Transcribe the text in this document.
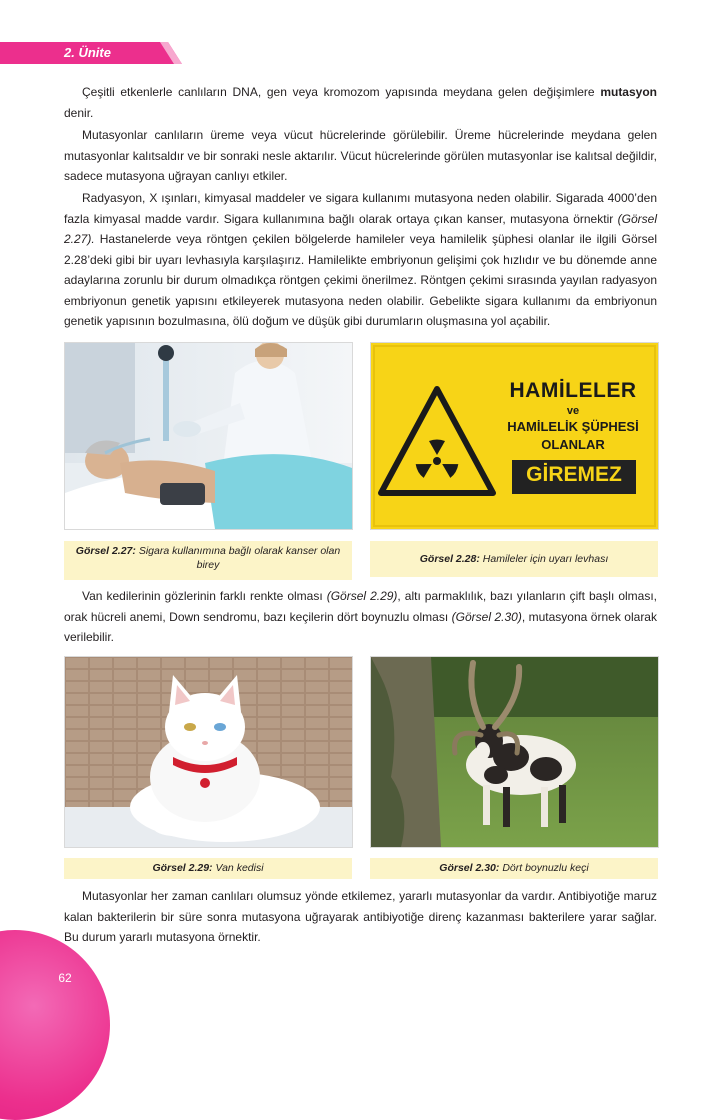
2. Ünite

Çeşitli etkenlerle canlıların DNA, gen veya kromozom yapısında meydana gelen değişimlere mutasyon denir.

Mutasyonlar canlıların üreme veya vücut hücrelerinde görülebilir. Üreme hücrelerinde meydana gelen mutasyonlar kalıtsaldır ve bir sonraki nesle aktarılır. Vücut hücrelerinde görülen mutasyonlar ise kalıtsal değildir, sadece mutasyona uğrayan canlıyı etkiler.

Radyasyon, X ışınları, kimyasal maddeler ve sigara kullanımı mutasyona neden olabilir. Sigarada 4000’den fazla kimyasal madde vardır. Sigara kullanımına bağlı olarak ortaya çıkan kanser, mutasyona örnektir (Görsel 2.27). Hastanelerde veya röntgen çekilen bölgelerde hamileler veya hamilelik şüphesi olanlar ile ilgili Görsel 2.28’deki gibi bir uyarı levhasıyla karşılaşırız. Hamilelikte embriyonun gelişimi çok hızlıdır ve bu dönemde anne adaylarına zorunlu bir durum olmadıkça röntgen çekimi önerilmez. Röntgen çekimi sırasında yayılan radyasyon embriyonun genetik yapısını etkileyerek mutasyona neden olabilir. Gebelikte sigara kullanımı da embriyonun genetik yapısının bozulmasına, ölü doğum ve düşük gibi durumların oluşmasına yol açabilir.

Görsel 2.27: Sigara kullanımına bağlı olarak kanser olan birey
HAMİLELER
ve
HAMİLELİK ŞÜPHESİ
OLANLAR
GİREMEZ
Görsel 2.28: Hamileler için uyarı levhası

Van kedilerinin gözlerinin farklı renkte olması (Görsel 2.29), altı parmaklılık, bazı yılanların çift başlı olması, orak hücreli anemi, Down sendromu, bazı keçilerin dört boynuzlu olması (Görsel 2.30), mutasyona örnek olarak verilebilir.

Görsel 2.29: Van kedisi	Görsel 2.30: Dört boynuzlu keçi

Mutasyonlar her zaman canlıları olumsuz yönde etkilemez, yararlı mutasyonlar da vardır. Antibiyotiğe maruz kalan bakterilerin bir süre sonra mutasyona uğrayarak antibiyotiğe direnç kazanması bakterilere yarar sağlar. Bu durum yararlı mutasyona örnektir.

62
